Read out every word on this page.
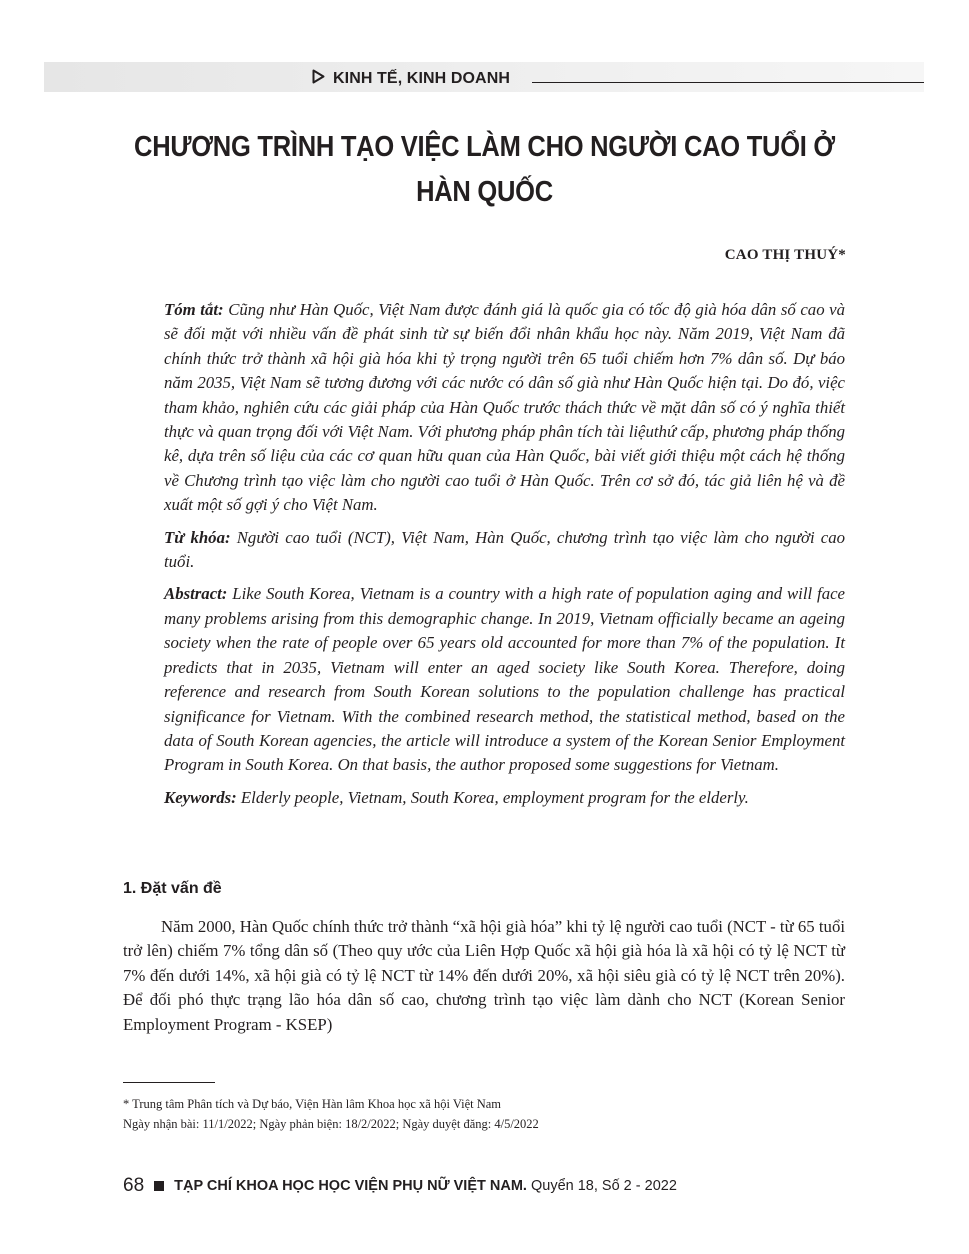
KINH TẾ, KINH DOANH
CHƯƠNG TRÌNH TẠO VIỆC LÀM CHO NGƯỜI CAO TUỔI Ở HÀN QUỐC
CAO THỊ THUÝ*

Tóm tắt: Cũng như Hàn Quốc, Việt Nam được đánh giá là quốc gia có tốc độ già hóa dân số cao và sẽ đối mặt với nhiều vấn đề phát sinh từ sự biến đổi nhân khẩu học này. Năm 2019, Việt Nam đã chính thức trở thành xã hội già hóa khi tỷ trọng người trên 65 tuổi chiếm hơn 7% dân số. Dự báo năm 2035, Việt Nam sẽ tương đương với các nước có dân số già như Hàn Quốc hiện tại. Do đó, việc tham khảo, nghiên cứu các giải pháp của Hàn Quốc trước thách thức về mặt dân số có ý nghĩa thiết thực và quan trọng đối với Việt Nam. Với phương pháp phân tích tài liệuthứ cấp, phương pháp thống kê, dựa trên số liệu của các cơ quan hữu quan của Hàn Quốc, bài viết giới thiệu một cách hệ thống về Chương trình tạo việc làm cho người cao tuổi ở Hàn Quốc. Trên cơ sở đó, tác giả liên hệ và đề xuất một số gợi ý cho Việt Nam.

Từ khóa: Người cao tuổi (NCT), Việt Nam, Hàn Quốc, chương trình tạo việc làm cho người cao tuổi.

Abstract: Like South Korea, Vietnam is a country with a high rate of population aging and will face many problems arising from this demographic change. In 2019, Vietnam officially became an ageing society when the rate of people over 65 years old accounted for more than 7% of the population. It predicts that in 2035, Vietnam will enter an aged society like South Korea. Therefore, doing reference and research from South Korean solutions to the population challenge has practical significance for Vietnam. With the combined research method, the statistical method, based on the data of South Korean agencies, the article will introduce a system of the Korean Senior Employment Program in South Korea. On that basis, the author proposed some suggestions for Vietnam.

Keywords: Elderly people, Vietnam, South Korea, employment program for the elderly.

1. Đặt vấn đề

Năm 2000, Hàn Quốc chính thức trở thành “xã hội già hóa” khi tỷ lệ người cao tuổi (NCT - từ 65 tuổi trở lên) chiếm 7% tổng dân số (Theo quy ước của Liên Hợp Quốc xã hội già hóa là xã hội có tỷ lệ NCT từ 7% đến dưới 14%, xã hội già có tỷ lệ NCT từ 14% đến dưới 20%, xã hội siêu già có tỷ lệ NCT trên 20%). Để đối phó thực trạng lão hóa dân số cao, chương trình tạo việc làm dành cho NCT (Korean Senior Employment Program - KSEP)

* Trung tâm Phân tích và Dự báo, Viện Hàn lâm Khoa học xã hội Việt Nam
Ngày nhận bài: 11/1/2022; Ngày phản biện: 18/2/2022; Ngày duyệt đăng: 4/5/2022
68 TẠP CHÍ KHOA HỌC HỌC VIỆN PHỤ NỮ VIỆT NAM. Quyển 18, Số 2 - 2022
